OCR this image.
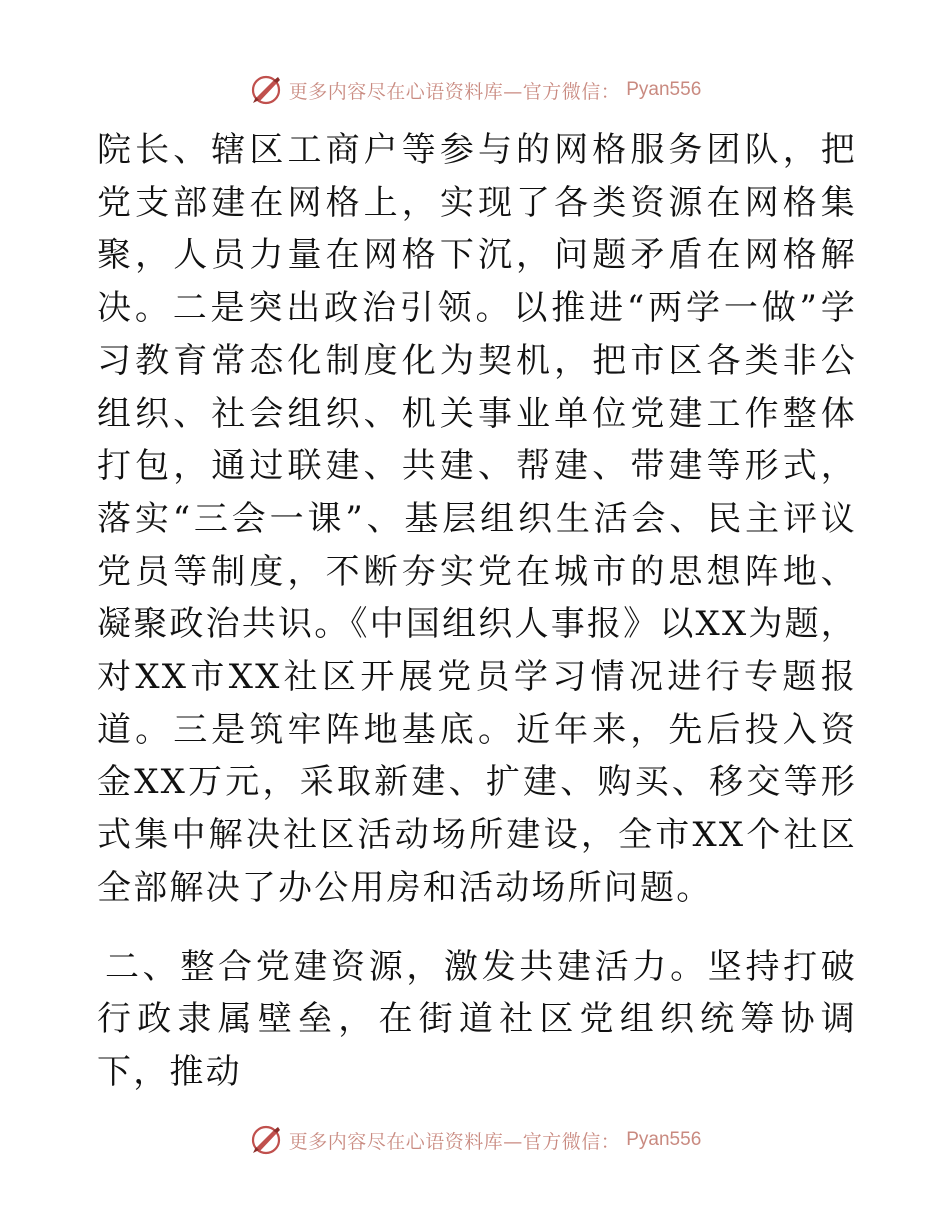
更多内容尽在心语资料库—官方微信： Pyan556

院长、辖区工商户等参与的网格服务团队，把党支部建在网格上，实现了各类资源在网格集聚，人员力量在网格下沉，问题矛盾在网格解决。二是突出政治引领。以推进“两学一做”学习教育常态化制度化为契机，把市区各类非公组织、社会组织、机关事业单位党建工作整体打包，通过联建、共建、帮建、带建等形式，落实“三会一课”、基层组织生活会、民主评议党员等制度，不断夯实党在城市的思想阵地、凝聚政治共识。《中国组织人事报》以XX为题，对XX市XX社区开展党员学习情况进行专题报道。三是筑牢阵地基底。近年来，先后投入资金XX万元，采取新建、扩建、购买、移交等形式集中解决社区活动场所建设，全市XX个社区全部解决了办公用房和活动场所问题。

二、整合党建资源，激发共建活力。坚持打破行政隶属壁垒，在街道社区党组织统筹协调下，推动

更多内容尽在心语资料库—官方微信： Pyan556
